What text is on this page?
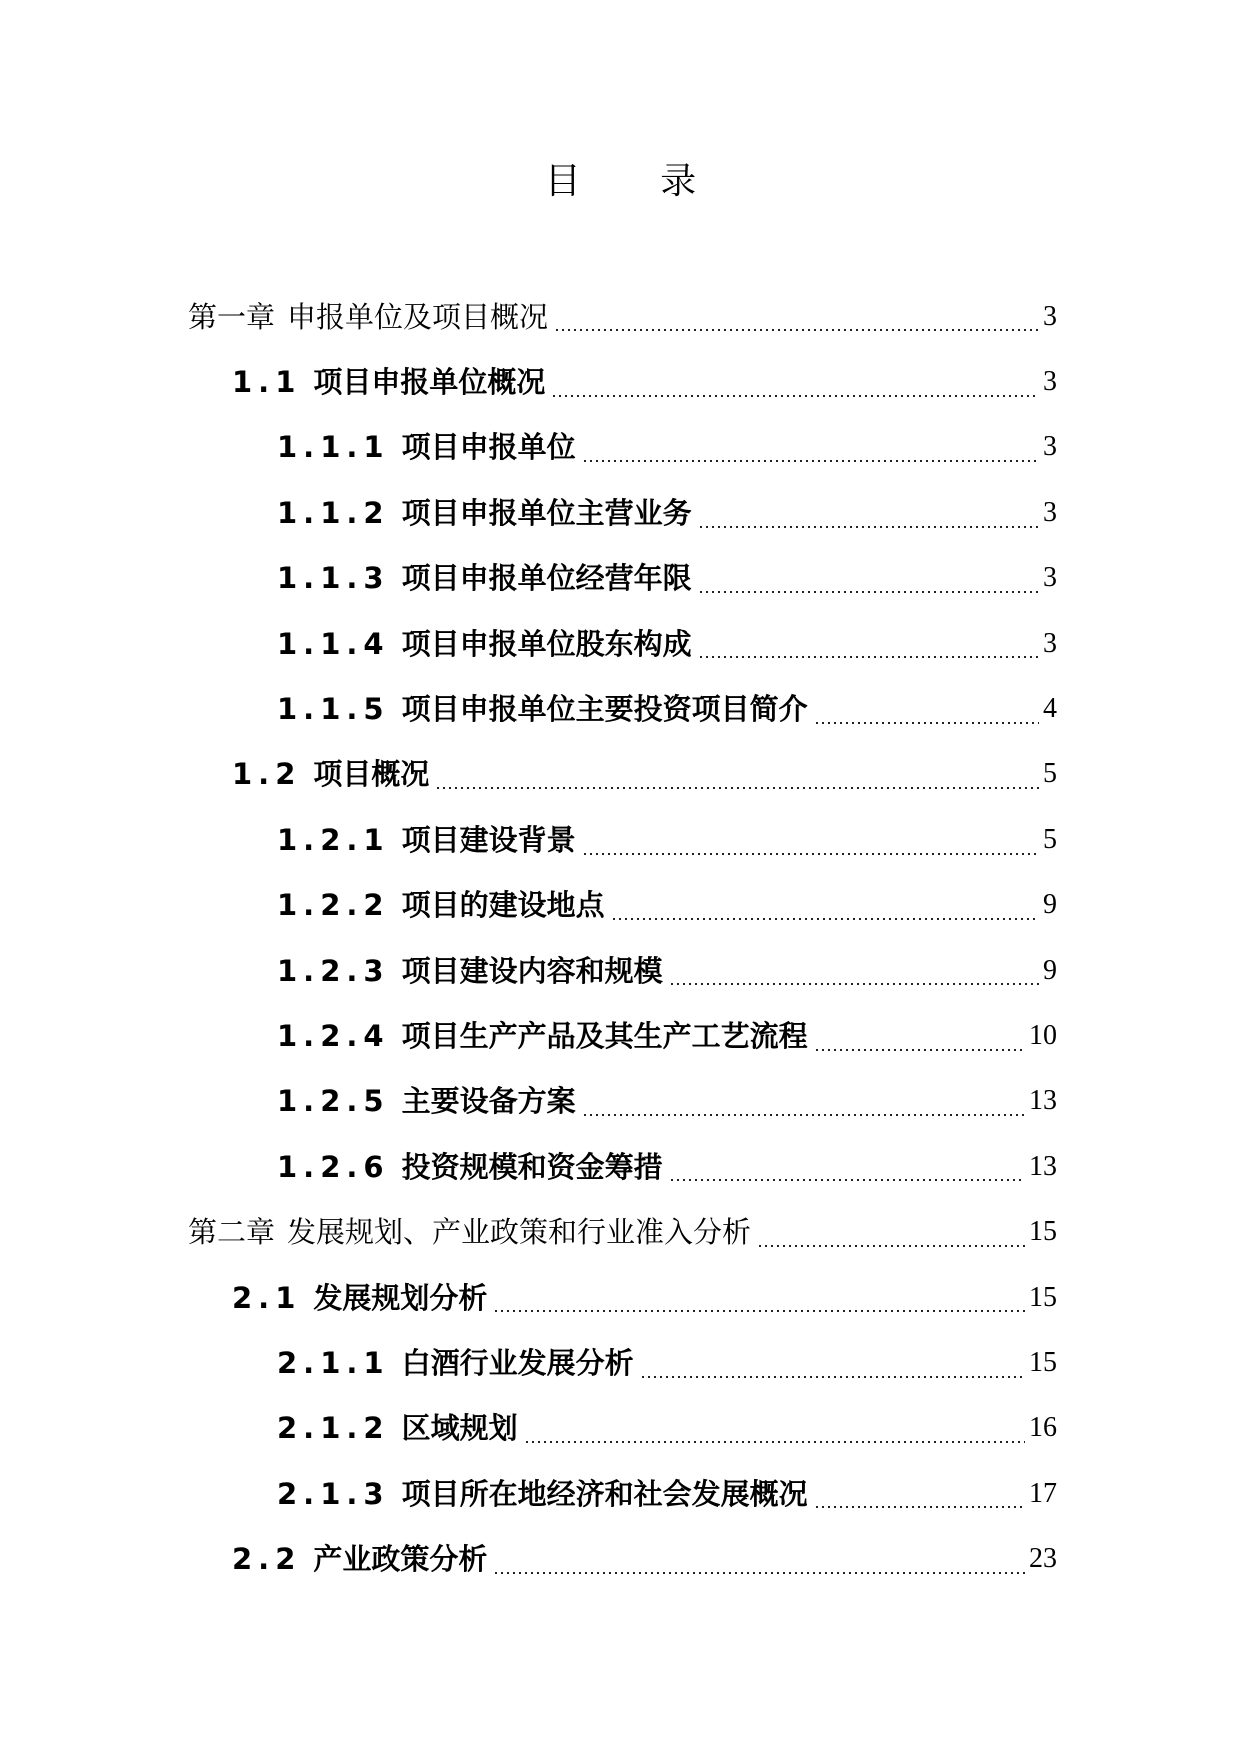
目 录
第一章 申报单位及项目概况	3
1.1 项目申报单位概况	3
1.1.1 项目申报单位	3
1.1.2 项目申报单位主营业务	3
1.1.3 项目申报单位经营年限	3
1.1.4 项目申报单位股东构成	3
1.1.5 项目申报单位主要投资项目简介	4
1.2 项目概况	5
1.2.1 项目建设背景	5
1.2.2 项目的建设地点	9
1.2.3 项目建设内容和规模	9
1.2.4 项目生产产品及其生产工艺流程	10
1.2.5 主要设备方案	13
1.2.6 投资规模和资金筹措	13
第二章 发展规划、产业政策和行业准入分析	15
2.1 发展规划分析	15
2.1.1 白酒行业发展分析	15
2.1.2 区域规划	16
2.1.3 项目所在地经济和社会发展概况	17
2.2 产业政策分析	23
